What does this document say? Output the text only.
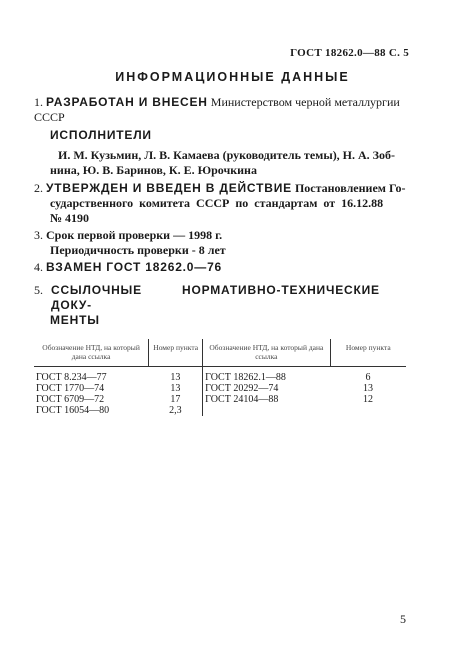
ГОСТ 18262.0—88 С. 5
ИНФОРМАЦИОННЫЕ ДАННЫЕ
1. РАЗРАБОТАН И ВНЕСЕН Министерством черной металлургии СССР
ИСПОЛНИТЕЛИ
И. М. Кузьмин, Л. В. Камаева (руководитель темы), Н. А. Зоб-
нина, Ю. В. Баринов, К. Е. Юрочкина
2. УТВЕРЖДЕН И ВВЕДЕН В ДЕЙСТВИЕ Постановлением Го-
сударственного комитета СССР по стандартам от 16.12.88
№ 4190
3. Срок первой проверки — 1998 г.
Периодичность проверки - 8 лет
4. ВЗАМЕН ГОСТ 18262.0—76
5. ССЫЛОЧНЫЕ НОРМАТИВНО-ТЕХНИЧЕСКИЕ ДОКУ-
МЕНТЫ
Обозначение НТД, на который дана ссылка	Номер пункта	Обозначение НТД, на который дана ссылка	Номер пункта
ГОСТ 8.234—77	13	ГОСТ 18262.1—88	6
ГОСТ 1770—74	13	ГОСТ 20292—74	13
ГОСТ 6709—72	17	ГОСТ 24104—88	12
ГОСТ 16054—80	2,3		
5
